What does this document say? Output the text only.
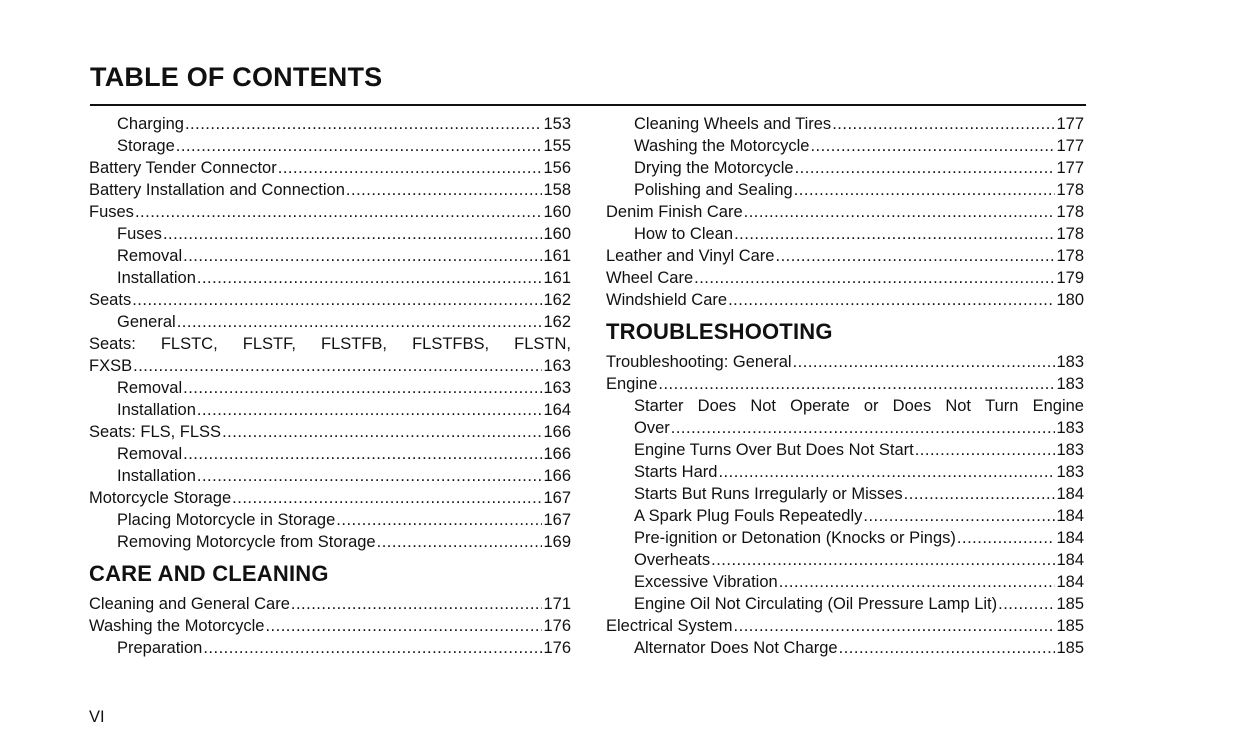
TABLE OF CONTENTS
Charging .....	153
Storage .....	155
Battery Tender Connector .....	156
Battery Installation and Connection .....	158
Fuses .....	160
Fuses .....	160
Removal .....	161
Installation .....	161
Seats .....	162
General .....	162
Seats: FLSTC, FLSTF, FLSTFB, FLSTFBS, FLSTN,
FXSB .....	163
Removal .....	163
Installation .....	164
Seats: FLS, FLSS .....	166
Removal .....	166
Installation .....	166
Motorcycle Storage .....	167
Placing Motorcycle in Storage .....	167
Removing Motorcycle from Storage .....	169
CARE AND CLEANING
Cleaning and General Care .....	171
Washing the Motorcycle .....	176
Preparation .....	176
Cleaning Wheels and Tires .....	177
Washing the Motorcycle .....	177
Drying the Motorcycle .....	177
Polishing and Sealing .....	178
Denim Finish Care .....	178
How to Clean .....	178
Leather and Vinyl Care .....	178
Wheel Care .....	179
Windshield Care .....	180
TROUBLESHOOTING
Troubleshooting: General .....	183
Engine .....	183
Starter Does Not Operate or Does Not Turn Engine
Over .....	183
Engine Turns Over But Does Not Start .....	183
Starts Hard .....	183
Starts But Runs Irregularly or Misses .....	184
A Spark Plug Fouls Repeatedly .....	184
Pre-ignition or Detonation (Knocks or Pings) .....	184
Overheats .....	184
Excessive Vibration .....	184
Engine Oil Not Circulating (Oil Pressure Lamp Lit) .....	185
Electrical System .....	185
Alternator Does Not Charge .....	185
VI
